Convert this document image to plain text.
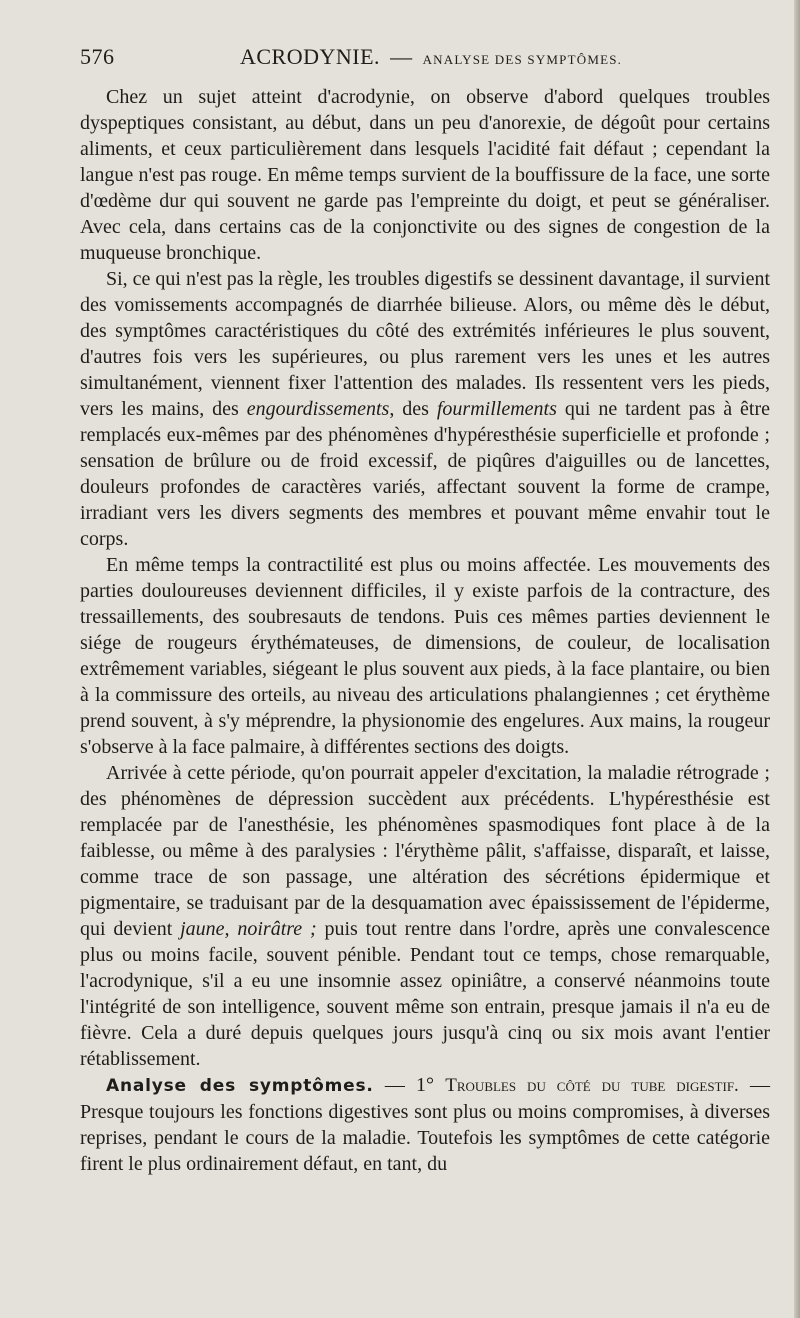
576	ACRODYNIE. — ANALYSE DES SYMPTÔMES.

Chez un sujet atteint d'acrodynie, on observe d'abord quelques troubles dyspeptiques consistant, au début, dans un peu d'anorexie, de dégoût pour certains aliments, et ceux particulièrement dans lesquels l'acidité fait défaut ; cependant la langue n'est pas rouge. En même temps survient de la bouffissure de la face, une sorte d'œdème dur qui souvent ne garde pas l'empreinte du doigt, et peut se généraliser. Avec cela, dans certains cas de la conjonctivite ou des signes de congestion de la muqueuse bronchique.

Si, ce qui n'est pas la règle, les troubles digestifs se dessinent davantage, il survient des vomissements accompagnés de diarrhée bilieuse. Alors, ou même dès le début, des symptômes caractéristiques du côté des extrémités inférieures le plus souvent, d'autres fois vers les supérieures, ou plus rarement vers les unes et les autres simultanément, viennent fixer l'attention des malades. Ils ressentent vers les pieds, vers les mains, des engourdissements, des fourmillements qui ne tardent pas à être remplacés eux-mêmes par des phénomènes d'hypéresthésie superficielle et profonde ; sensation de brûlure ou de froid excessif, de piqûres d'aiguilles ou de lancettes, douleurs profondes de caractères variés, affectant souvent la forme de crampe, irradiant vers les divers segments des membres et pouvant même envahir tout le corps.

En même temps la contractilité est plus ou moins affectée. Les mouvements des parties douloureuses deviennent difficiles, il y existe parfois de la contracture, des tressaillements, des soubresauts de tendons. Puis ces mêmes parties deviennent le siége de rougeurs érythémateuses, de dimensions, de couleur, de localisation extrêmement variables, siégeant le plus souvent aux pieds, à la face plantaire, ou bien à la commissure des orteils, au niveau des articulations phalangiennes ; cet érythème prend souvent, à s'y méprendre, la physionomie des engelures. Aux mains, la rougeur s'observe à la face palmaire, à différentes sections des doigts.

Arrivée à cette période, qu'on pourrait appeler d'excitation, la maladie rétrograde ; des phénomènes de dépression succèdent aux précédents. L'hypéresthésie est remplacée par de l'anesthésie, les phénomènes spasmodiques font place à de la faiblesse, ou même à des paralysies : l'érythème pâlit, s'affaisse, disparaît, et laisse, comme trace de son passage, une altération des sécrétions épidermique et pigmentaire, se traduisant par de la desquamation avec épaississement de l'épiderme, qui devient jaune, noirâtre ; puis tout rentre dans l'ordre, après une convalescence plus ou moins facile, souvent pénible. Pendant tout ce temps, chose remarquable, l'acrodynique, s'il a eu une insomnie assez opiniâtre, a conservé néanmoins toute l'intégrité de son intelligence, souvent même son entrain, presque jamais il n'a eu de fièvre. Cela a duré depuis quelques jours jusqu'à cinq ou six mois avant l'entier rétablissement.

Analyse des symptômes. — 1° Troubles du côté du tube digestif. — Presque toujours les fonctions digestives sont plus ou moins compromises, à diverses reprises, pendant le cours de la maladie. Toutefois les symptômes de cette catégorie firent le plus ordinairement défaut, en tant, du
